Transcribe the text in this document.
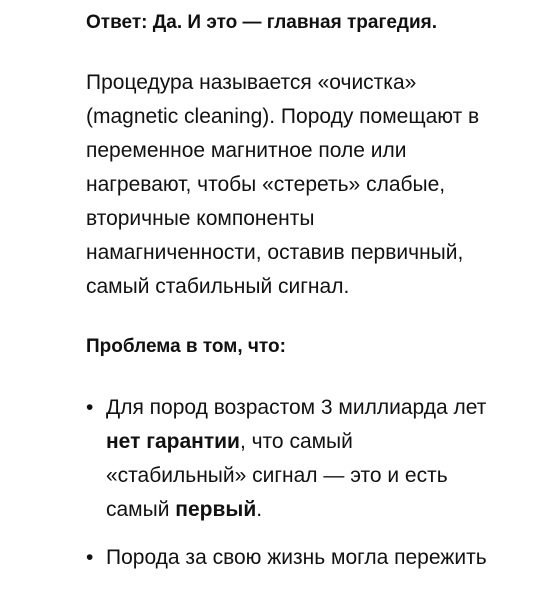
Ответ: Да. И это — главная трагедия.

Процедура называется «очистка»
(magnetic cleaning). Породу помещают в
переменное магнитное поле или
нагревают, чтобы «стереть» слабые,
вторичные компоненты
намагниченности, оставив первичный,
самый стабильный сигнал.

Проблема в том, что:
• Для пород возрастом 3 миллиарда лет
нет гарантии, что самый
«стабильный» сигнал — это и есть
самый первый.
• Порода за свою жизнь могла пережить
